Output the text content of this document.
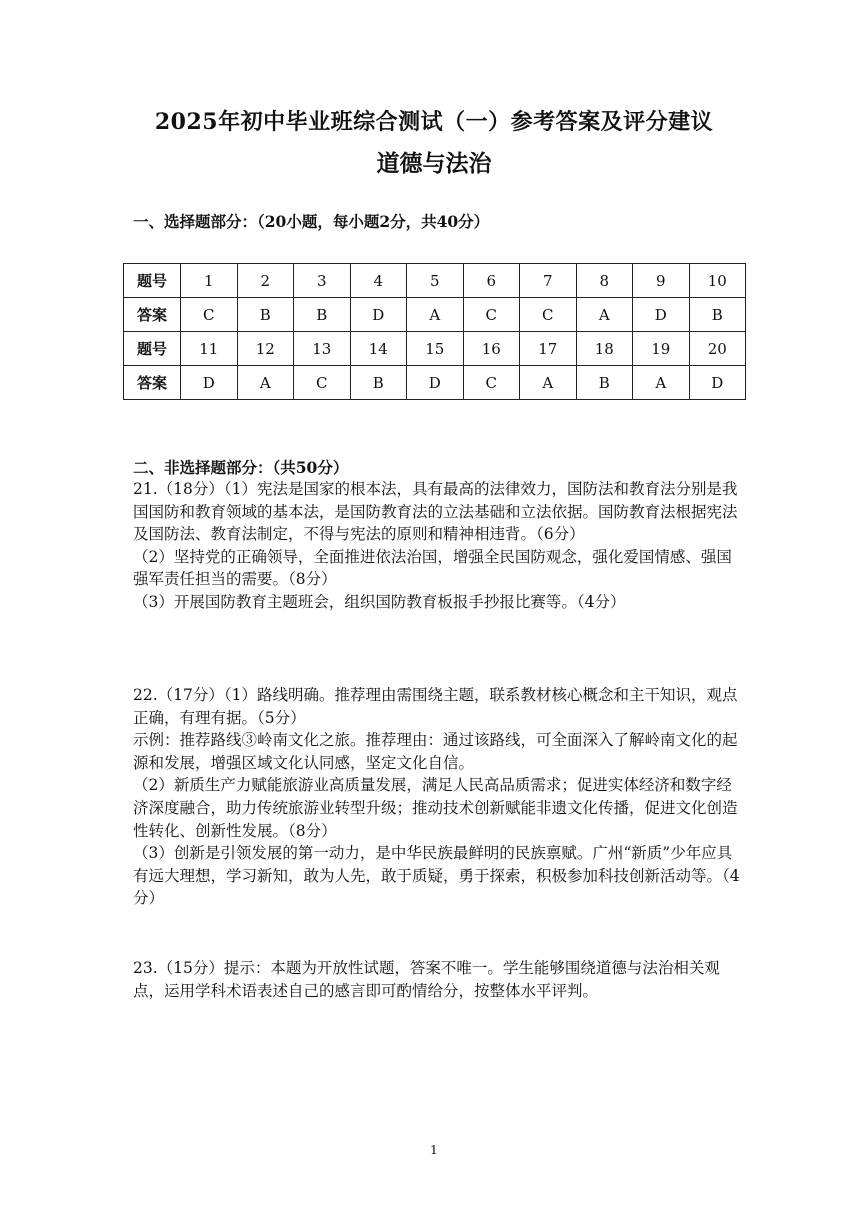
2025年初中毕业班综合测试（一）参考答案及评分建议
道德与法治
一、选择题部分：（20小题，每小题2分，共40分）
题号	1	2	3	4	5	6	7	8	9	10
答案	C	B	B	D	A	C	C	A	D	B
题号	11	12	13	14	15	16	17	18	19	20
答案	D	A	C	B	D	C	A	B	A	D
二、非选择题部分：（共50分）
21.（18分）（1）宪法是国家的根本法，具有最高的法律效力，国防法和教育法分别是我国国防和教育领域的基本法，是国防教育法的立法基础和立法依据。国防教育法根据宪法及国防法、教育法制定，不得与宪法的原则和精神相违背。（6分）
（2）坚持党的正确领导，全面推进依法治国，增强全民国防观念，强化爱国情感、强国强军责任担当的需要。（8分）
（3）开展国防教育主题班会，组织国防教育板报手抄报比赛等。（4分）
22.（17分）（1）路线明确。推荐理由需围绕主题，联系教材核心概念和主干知识，观点正确，有理有据。（5分）
示例：推荐路线③岭南文化之旅。推荐理由：通过该路线，可全面深入了解岭南文化的起源和发展，增强区域文化认同感，坚定文化自信。
（2）新质生产力赋能旅游业高质量发展，满足人民高品质需求；促进实体经济和数字经济深度融合，助力传统旅游业转型升级；推动技术创新赋能非遗文化传播，促进文化创造性转化、创新性发展。（8分）
（3）创新是引领发展的第一动力，是中华民族最鲜明的民族禀赋。广州“新质”少年应具有远大理想，学习新知，敢为人先，敢于质疑，勇于探索，积极参加科技创新活动等。（4分）
23.（15分）提示：本题为开放性试题，答案不唯一。学生能够围绕道德与法治相关观点，运用学科术语表述自己的感言即可酌情给分，按整体水平评判。
1
